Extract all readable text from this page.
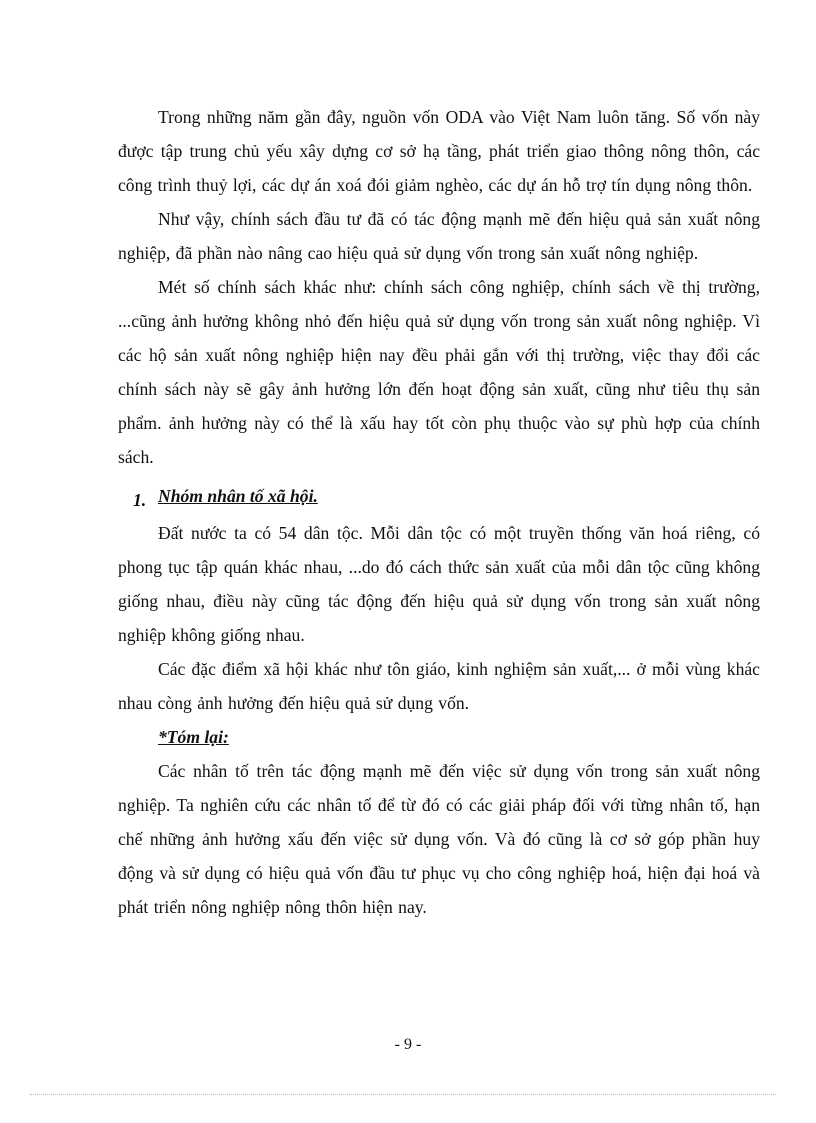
Trong những năm gần đây, nguồn vốn ODA vào Việt Nam luôn tăng. Số vốn này được tập trung chủ yếu xây dựng cơ sở hạ tầng, phát triển giao thông nông thôn, các công trình thuỷ lợi, các dự án xoá đói giảm nghèo, các dự án hỗ trợ tín dụng nông thôn.

Như vậy, chính sách đầu tư đã có tác động mạnh mẽ đến hiệu quả sản xuất nông nghiệp, đã phần nào nâng cao hiệu quả sử dụng vốn trong sản xuất nông nghiệp.

Mét số chính sách khác như: chính sách công nghiệp, chính sách về thị trường, ...cũng ảnh hưởng không nhỏ đến hiệu quả sử dụng vốn trong sản xuất nông nghiệp. Vì các hộ sản xuất nông nghiệp hiện nay đều phải gắn với thị trường, việc thay đổi các chính sách này sẽ gây ảnh hưởng lớn đến hoạt động sản xuất, cũng như tiêu thụ sản phẩm. ảnh hưởng này có thể là xấu hay tốt còn phụ thuộc vào sự phù hợp của chính sách.

1. Nhóm nhân tố xã hội.

Đất nước ta có 54 dân tộc. Mỗi dân tộc có một truyền thống văn hoá riêng, có phong tục tập quán khác nhau, ...do đó cách thức sản xuất của mỗi dân tộc cũng không giống nhau, điều này cũng tác động đến hiệu quả sử dụng vốn trong sản xuất nông nghiệp không giống nhau.

Các đặc điểm xã hội khác như tôn giáo, kinh nghiệm sản xuất,... ở mỗi vùng khác nhau còng ảnh hưởng đến hiệu quả sử dụng vốn.

*Tóm lại:

Các nhân tố trên tác động mạnh mẽ đến việc sử dụng vốn trong sản xuất nông nghiệp. Ta nghiên cứu các nhân tố để từ đó có các giải pháp đối với từng nhân tố, hạn chế những ảnh hưởng xấu đến việc sử dụng vốn. Và đó cũng là cơ sở góp phần huy động và sử dụng có hiệu quả vốn đầu tư phục vụ cho công nghiệp hoá, hiện đại hoá và phát triển nông nghiệp nông thôn hiện nay.

- 9 -
